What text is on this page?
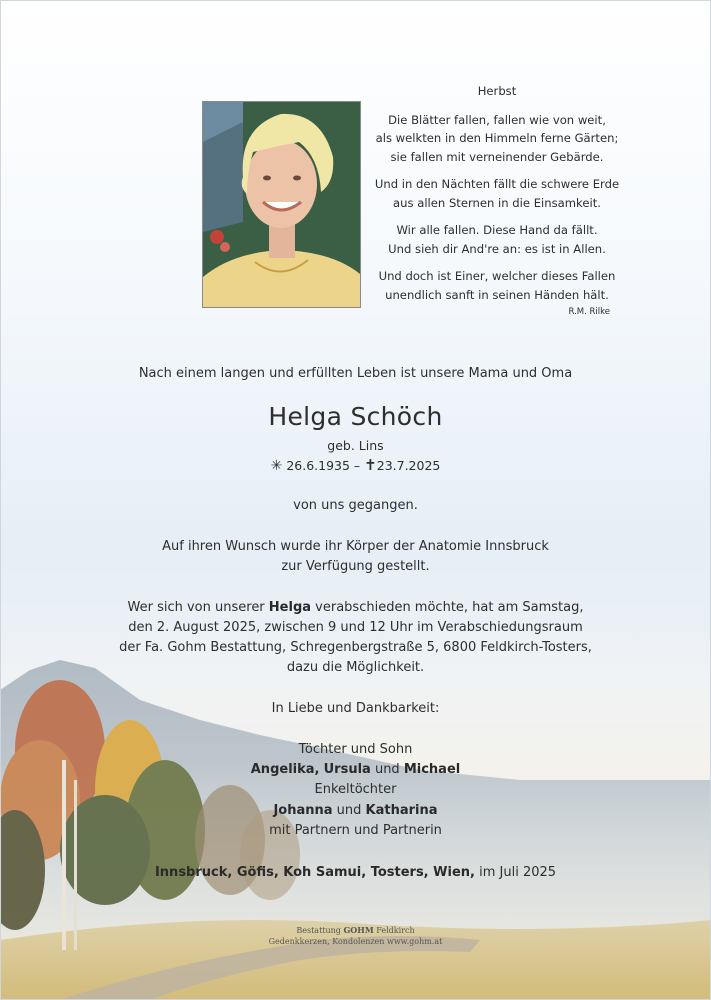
Herbst
Die Blätter fallen, fallen wie von weit,
als welkten in den Himmeln ferne Gärten;
sie fallen mit verneinender Gebärde.
Und in den Nächten fällt die schwere Erde
aus allen Sternen in die Einsamkeit.
Wir alle fallen. Diese Hand da fällt.
Und sieh dir And're an: es ist in Allen.
Und doch ist Einer, welcher dieses Fallen
unendlich sanft in seinen Händen hält.
R.M. Rilke
Nach einem langen und erfüllten Leben ist unsere Mama und Oma
Helga Schöch
geb. Lins
✳ 26.6.1935 – ✝23.7.2025
von uns gegangen.
Auf ihren Wunsch wurde ihr Körper der Anatomie Innsbruck
zur Verfügung gestellt.
Wer sich von unserer Helga verabschieden möchte, hat am Samstag,
den 2. August 2025, zwischen 9 und 12 Uhr im Verabschiedungsraum
der Fa. Gohm Bestattung, Schregenbergstraße 5, 6800 Feldkirch-Tosters,
dazu die Möglichkeit.
In Liebe und Dankbarkeit:
Töchter und Sohn
Angelika, Ursula und Michael
Enkeltöchter
Johanna und Katharina
mit Partnern und Partnerin
Innsbruck, Göfis, Koh Samui, Tosters, Wien, im Juli 2025
Bestattung GOHM Feldkirch
Gedenkkerzen, Kondolenzen www.gohm.at
